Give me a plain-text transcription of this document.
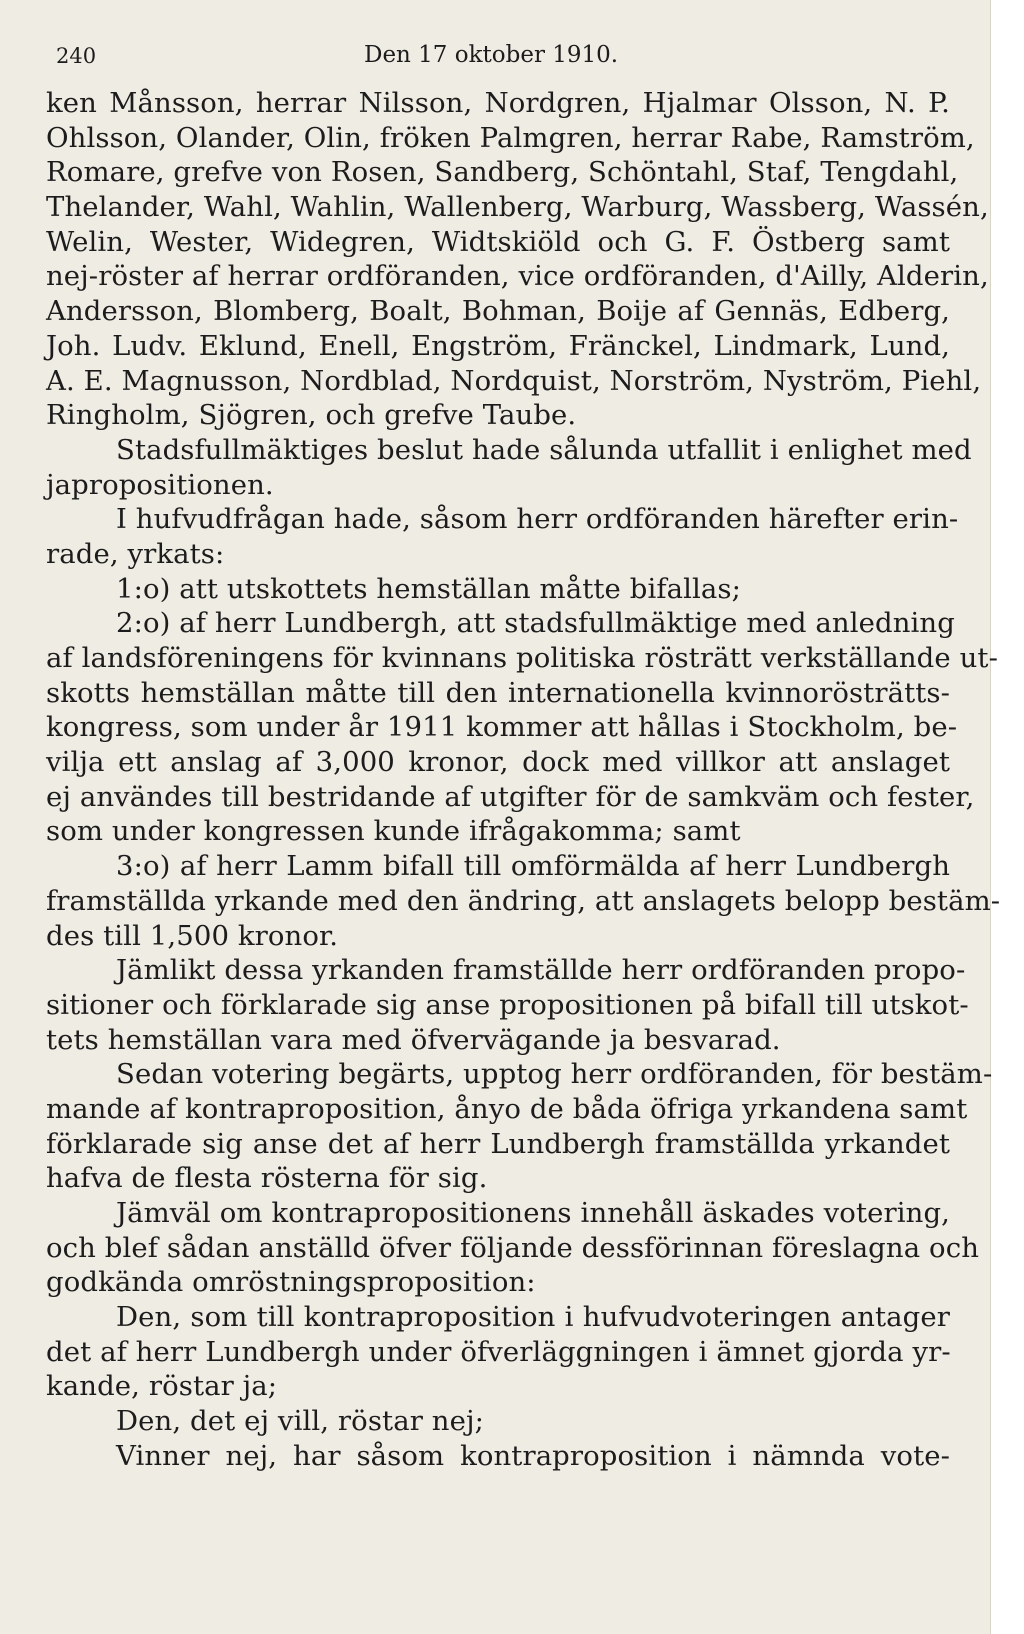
240	Den 17 oktober 1910.
ken Månsson, herrar Nilsson, Nordgren, Hjalmar Olsson, N. P.
Ohlsson, Olander, Olin, fröken Palmgren, herrar Rabe, Ramström,
Romare, grefve von Rosen, Sandberg, Schöntahl, Staf, Tengdahl,
Thelander, Wahl, Wahlin, Wallenberg, Warburg, Wassberg, Wassén,
Welin, Wester, Widegren, Widtskiöld och G. F. Östberg samt
nej-röster af herrar ordföranden, vice ordföranden, d'Ailly, Alderin,
Andersson, Blomberg, Boalt, Bohman, Boije af Gennäs, Edberg,
Joh. Ludv. Eklund, Enell, Engström, Fränckel, Lindmark, Lund,
A. E. Magnusson, Nordblad, Nordquist, Norström, Nyström, Piehl,
Ringholm, Sjögren, och grefve Taube.
Stadsfullmäktiges beslut hade sålunda utfallit i enlighet med
japropositionen.
I hufvudfrågan hade, såsom herr ordföranden härefter erin-
rade, yrkats:
1:o) att utskottets hemställan måtte bifallas;
2:o) af herr Lundbergh, att stadsfullmäktige med anledning
af landsföreningens för kvinnans politiska rösträtt verkställande ut-
skotts hemställan måtte till den internationella kvinnorösträtts-
kongress, som under år 1911 kommer att hållas i Stockholm, be-
vilja ett anslag af 3,000 kronor, dock med villkor att anslaget
ej användes till bestridande af utgifter för de samkväm och fester,
som under kongressen kunde ifrågakomma; samt
3:o) af herr Lamm bifall till omförmälda af herr Lundbergh
framställda yrkande med den ändring, att anslagets belopp bestäm-
des till 1,500 kronor.
Jämlikt dessa yrkanden framställde herr ordföranden propo-
sitioner och förklarade sig anse propositionen på bifall till utskot-
tets hemställan vara med öfvervägande ja besvarad.
Sedan votering begärts, upptog herr ordföranden, för bestäm-
mande af kontraproposition, ånyo de båda öfriga yrkandena samt
förklarade sig anse det af herr Lundbergh framställda yrkandet
hafva de flesta rösterna för sig.
Jämväl om kontrapropositionens innehåll äskades votering,
och blef sådan anställd öfver följande dessförinnan föreslagna och
godkända omröstningsproposition:
Den, som till kontraproposition i hufvudvoteringen antager
det af herr Lundbergh under öfverläggningen i ämnet gjorda yr-
kande, röstar ja;
Den, det ej vill, röstar nej;
Vinner nej, har såsom kontraproposition i nämnda vote-
